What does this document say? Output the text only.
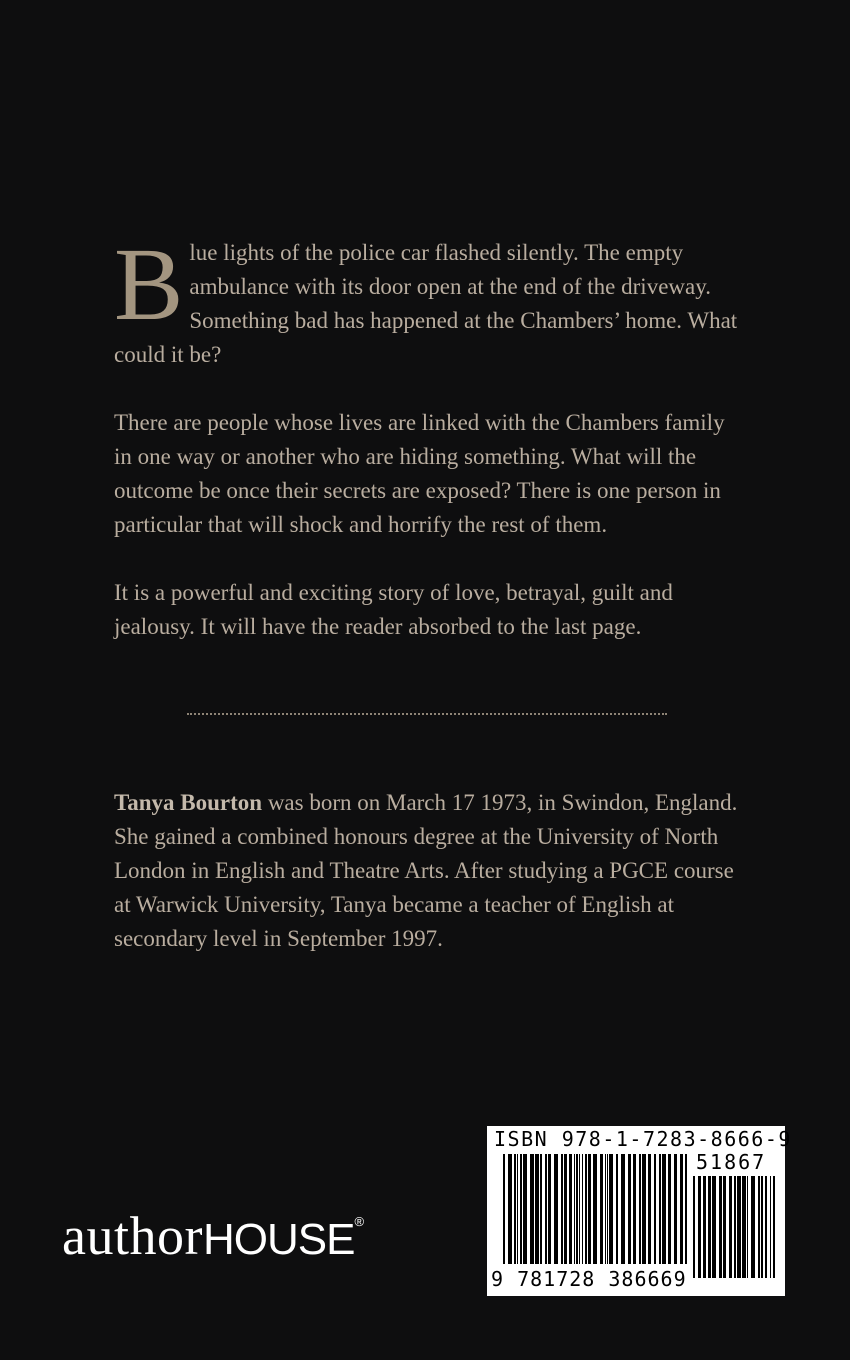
Blue lights of the police car flashed silently. The empty ambulance with its door open at the end of the driveway. Something bad has happened at the Chambers’ home. What could it be?

There are people whose lives are linked with the Chambers family in one way or another who are hiding something. What will the outcome be once their secrets are exposed? There is one person in particular that will shock and horrify the rest of them.

It is a powerful and exciting story of love, betrayal, guilt and jealousy. It will have the reader absorbed to the last page.

Tanya Bourton was born on March 17 1973, in Swindon, England. She gained a combined honours degree at the University of North London in English and Theatre Arts. After studying a PGCE course at Warwick University, Tanya became a teacher of English at secondary level in September 1997.

authorHOUSE®
ISBN 978-1-7283-8666-9
51867
9 781728 386669
